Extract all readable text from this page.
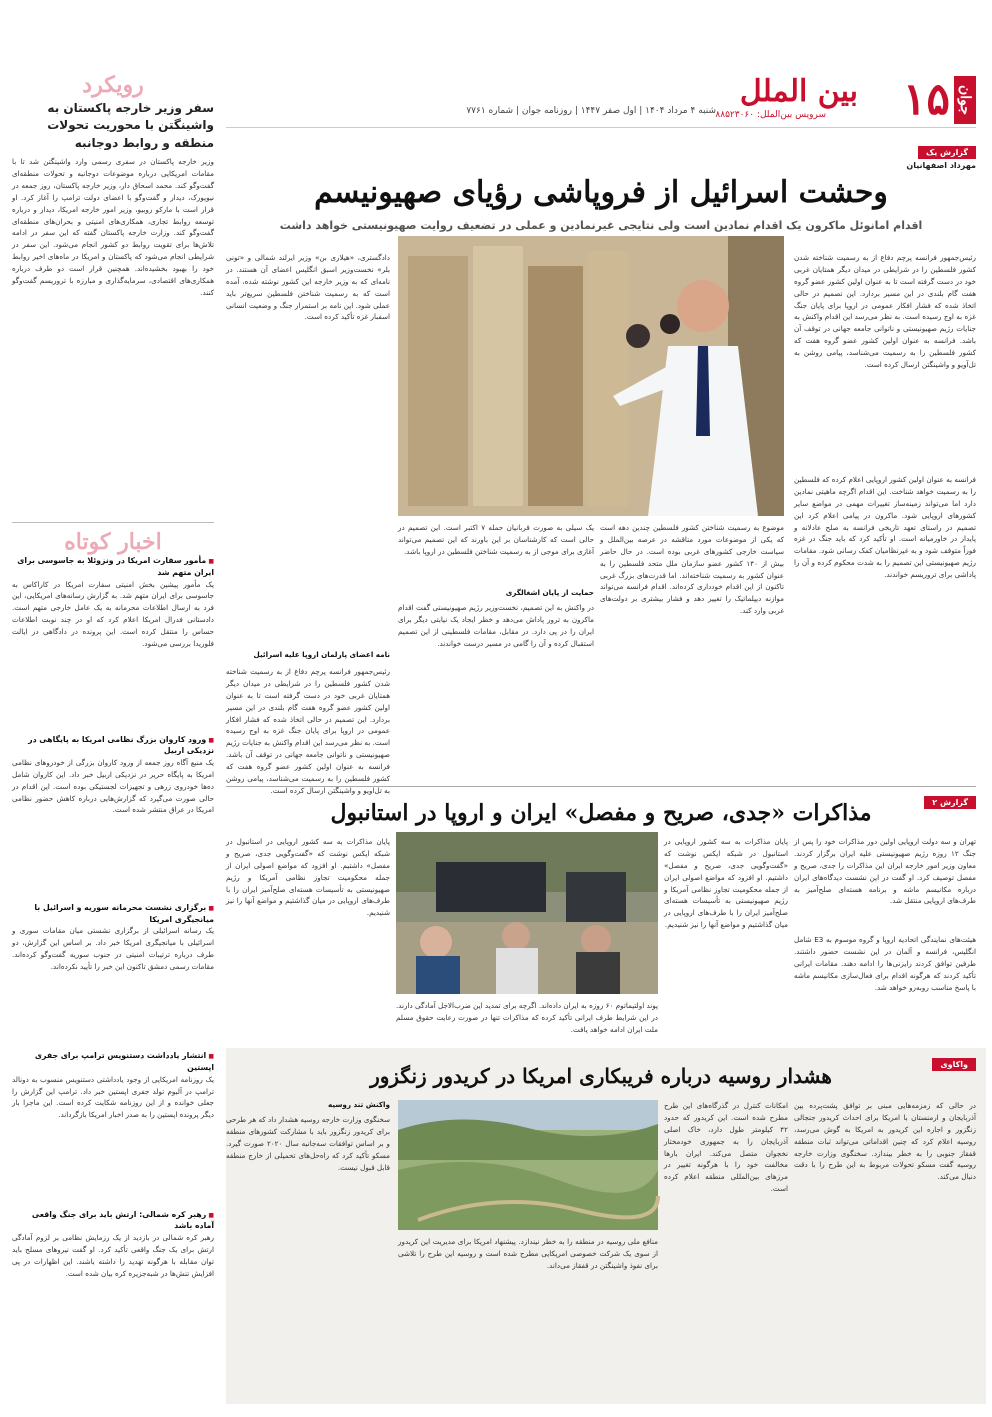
جوان
۱۵
بین الملل
سرویس بین‌الملل: ۸۸۵۲۳۰۶۰
شنبه ۴ مرداد ۱۴۰۴ | اول صفر ۱۴۴۷ | روزنامه جوان | شماره ۷۷۶۱
رویکرد
سفر وزیر خارجه پاکستان به واشینگتن با محوریت تحولات منطقه و روابط دوجانبه
وزیر خارجه پاکستان در سفری رسمی وارد واشینگتن شد تا با مقامات امریکایی درباره موضوعات دوجانبه و تحولات منطقه‌ای گفت‌وگو کند. محمد اسحاق دار، وزیر خارجه پاکستان، روز جمعه در نیویورک، دیدار و گفت‌وگو با اعضای دولت ترامپ را آغاز کرد. او قرار است با مارکو روبیو، وزیر امور خارجه امریکا، دیدار و درباره توسعه روابط تجاری، همکاری‌های امنیتی و بحران‌های منطقه‌ای گفت‌وگو کند. وزارت خارجه پاکستان گفته که این سفر در ادامه تلاش‌ها برای تقویت روابط دو کشور انجام می‌شود. این سفر در شرایطی انجام می‌شود که پاکستان و امریکا در ماه‌های اخیر روابط خود را بهبود بخشیده‌اند. همچنین قرار است دو طرف درباره همکاری‌های اقتصادی، سرمایه‌گذاری و مبارزه با تروریسم گفت‌وگو کنند.
اخبار کوتاه
■ مأمور سفارت امریکا در ونزوئلا به جاسوسی برای ایران متهم شد
یک مأمور پیشین بخش امنیتی سفارت امریکا در کاراکاس به جاسوسی برای ایران متهم شد. به گزارش رسانه‌های امریکایی، این فرد به ارسال اطلاعات محرمانه به یک عامل خارجی متهم است. دادستانی فدرال امریکا اعلام کرد که او در چند نوبت اطلاعات حساس را منتقل کرده است. این پرونده در دادگاهی در ایالت فلوریدا بررسی می‌شود.
■ ورود کاروان بزرگ نظامی امریکا به پایگاهی در نزدیکی اربیل
یک منبع آگاه روز جمعه از ورود کاروان بزرگی از خودروهای نظامی امریکا به پایگاه حریر در نزدیکی اربیل خبر داد. این کاروان شامل ده‌ها خودروی زرهی و تجهیزات لجستیکی بوده است. این اقدام در حالی صورت می‌گیرد که گزارش‌هایی درباره کاهش حضور نظامی امریکا در عراق منتشر شده است.
■ برگزاری نشست محرمانه سوریه و اسرائیل با میانجیگری امریکا
یک رسانه اسرائیلی از برگزاری نشستی میان مقامات سوری و اسرائیلی با میانجیگری امریکا خبر داد. بر اساس این گزارش، دو طرف درباره ترتیبات امنیتی در جنوب سوریه گفت‌وگو کرده‌اند. مقامات رسمی دمشق تاکنون این خبر را تأیید نکرده‌اند.
■ انتشار یادداشت دستنویس ترامپ برای جفری اپستین
یک روزنامه امریکایی از وجود یادداشتی دستنویس منسوب به دونالد ترامپ در آلبوم تولد جفری اپستین خبر داد. ترامپ این گزارش را جعلی خوانده و از این روزنامه شکایت کرده است. این ماجرا بار دیگر پرونده اپستین را به صدر اخبار امریکا بازگرداند.
■ رهبر کره شمالی: ارتش باید برای جنگ واقعی آماده باشد
رهبر کره شمالی در بازدید از یک رزمایش نظامی بر لزوم آمادگی ارتش برای یک جنگ واقعی تأکید کرد. او گفت نیروهای مسلح باید توان مقابله با هرگونه تهدید را داشته باشند. این اظهارات در پی افزایش تنش‌ها در شبه‌جزیره کره بیان شده است.
گزارش یک
مهرداد اصفهانیان
وحشت اسرائیل از فروپاشی رؤیای صهیونیسم
اقدام امانوئل ماکرون یک اقدام نمادین است ولی نتایجی غیرنمادین و عملی در تضعیف روایت صهیونیستی خواهد داشت
رئیس‌جمهور فرانسه پرچم دفاع از به رسمیت شناخته شدن کشور فلسطین را در شرایطی در میدان دیگر همتایان غربی خود در دست گرفته است تا به عنوان اولین کشور عضو گروه هفت گام بلندی در این مسیر بردارد. این تصمیم در حالی اتخاذ شده که فشار افکار عمومی در اروپا برای پایان جنگ غزه به اوج رسیده است. به نظر می‌رسد این اقدام واکنش به جنایات رژیم صهیونیستی و ناتوانی جامعه جهانی در توقف آن باشد. فرانسه به عنوان اولین کشور عضو گروه هفت که کشور فلسطین را به رسمیت می‌شناسد، پیامی روشن به تل‌آویو و واشینگتن ارسال کرده است.
فرانسه به عنوان اولین کشور اروپایی اعلام کرده که فلسطین را به رسمیت خواهد شناخت. این اقدام اگرچه ماهیتی نمادین دارد اما می‌تواند زمینه‌ساز تغییرات مهمی در مواضع سایر کشورهای اروپایی شود. ماکرون در پیامی اعلام کرد این تصمیم در راستای تعهد تاریخی فرانسه به صلح عادلانه و پایدار در خاورمیانه است. او تأکید کرد که باید جنگ در غزه فوراً متوقف شود و به غیرنظامیان کمک رسانی شود. مقامات رژیم صهیونیستی این تصمیم را به شدت محکوم کرده و آن را پاداشی برای تروریسم خواندند.
موضوع به رسمیت شناختن کشور فلسطین چندین دهه است که یکی از موضوعات مورد مناقشه در عرصه بین‌الملل و سیاست خارجی کشورهای غربی بوده است. در حال حاضر بیش از ۱۴۰ کشور عضو سازمان ملل متحد فلسطین را به عنوان کشور به رسمیت شناخته‌اند. اما قدرت‌های بزرگ غربی تاکنون از این اقدام خودداری کرده‌اند. اقدام فرانسه می‌تواند موازنه دیپلماتیک را تغییر دهد و فشار بیشتری بر دولت‌های غربی وارد کند.
یک سیلی به صورت قربانیان حمله ۷ اکتبر است. این تصمیم در حالی است که کارشناسان بر این باورند که این تصمیم می‌تواند آغازی برای موجی از به رسمیت شناختن فلسطین در اروپا باشد.
حمایت از پایان اشغالگری
در واکنش به این تصمیم، نخست‌وزیر رژیم صهیونیستی گفت اقدام ماکرون به ترور پاداش می‌دهد و خطر ایجاد یک نیابتی دیگر برای ایران را در پی دارد. در مقابل، مقامات فلسطینی از این تصمیم استقبال کرده و آن را گامی در مسیر درست خواندند.
دادگستری، «هیلاری بن» وزیر ایرلند شمالی و «تونی بلر» نخست‌وزیر اسبق انگلیس اعضای آن هستند. در نامه‌ای که به وزیر خارجه این کشور نوشته شده، آمده است که به رسمیت شناختن فلسطین سریع‌تر باید عملی شود. این نامه بر استمرار جنگ و وضعیت انسانی اسفبار غزه تأکید کرده است.
نامه اعضای پارلمان اروپا علیه اسرائیل
رئیس‌جمهور فرانسه پرچم دفاع از به رسمیت شناخته شدن کشور فلسطین را در شرایطی در میدان دیگر همتایان غربی خود در دست گرفته است تا به عنوان اولین کشور عضو گروه هفت گام بلندی در این مسیر بردارد. این تصمیم در حالی اتخاذ شده که فشار افکار عمومی در اروپا برای پایان جنگ غزه به اوج رسیده است. به نظر می‌رسد این اقدام واکنش به جنایات رژیم صهیونیستی و ناتوانی جامعه جهانی در توقف آن باشد. فرانسه به عنوان اولین کشور عضو گروه هفت که کشور فلسطین را به رسمیت می‌شناسد، پیامی روشن به تل‌آویو و واشینگتن ارسال کرده است.
گزارش ۲
مذاکرات «جدی، صریح و مفصل» ایران و اروپا در استانبول
تهران و سه دولت اروپایی اولین دور مذاکرات خود را پس از جنگ ۱۲ روزه رژیم صهیونیستی علیه ایران برگزار کردند. معاون وزیر امور خارجه ایران این مذاکرات را جدی، صریح و مفصل توصیف کرد. او گفت در این نشست دیدگاه‌های ایران درباره مکانیسم ماشه و برنامه هسته‌ای صلح‌آمیز به طرف‌های اروپایی منتقل شد.
هیئت‌های نمایندگی اتحادیه اروپا و گروه موسوم به E3 شامل انگلیس، فرانسه و آلمان در این نشست حضور داشتند. طرفین توافق کردند رایزنی‌ها را ادامه دهند. مقامات ایرانی تأکید کردند که هرگونه اقدام برای فعال‌سازی مکانیسم ماشه با پاسخ مناسب روبه‌رو خواهد شد.
پایان مذاکرات به سه کشور اروپایی در استانبول در شبکه ایکس نوشت که «گفت‌وگویی جدی، صریح و مفصل» داشتیم. او افزود که مواضع اصولی ایران از جمله محکومیت تجاوز نظامی آمریکا و رژیم صهیونیستی به تأسیسات هسته‌ای صلح‌آمیز ایران را با طرف‌های اروپایی در میان گذاشتیم و مواضع آنها را نیز شنیدیم.
پوند اولتیماتوم ۶۰ روزه به ایران داده‌اند. اگرچه برای تمدید این ضرب‌الاجل آمادگی دارند. در این شرایط طرف ایرانی تأکید کرده که مذاکرات تنها در صورت رعایت حقوق مسلم ملت ایران ادامه خواهد یافت.
پایان مذاکرات به سه کشور اروپایی در استانبول در شبکه ایکس نوشت که «گفت‌وگویی جدی، صریح و مفصل» داشتیم. او افزود که مواضع اصولی ایران از جمله محکومیت تجاوز نظامی آمریکا و رژیم صهیونیستی به تأسیسات هسته‌ای صلح‌آمیز ایران را با طرف‌های اروپایی در میان گذاشتیم و مواضع آنها را نیز شنیدیم.
واکاوی
هشدار روسیه درباره فریبکاری امریکا در کریدور زنگزور
در حالی که زمزمه‌هایی مبنی بر توافق پشت‌پرده بین آذربایجان و ارمنستان با امریکا برای احداث کریدور جنجالی زنگزور و اجاره این کریدور به امریکا به گوش می‌رسد، روسیه اعلام کرد که چنین اقداماتی می‌تواند ثبات منطقه قفقاز جنوبی را به خطر بیندازد. سخنگوی وزارت خارجه روسیه گفت مسکو تحولات مربوط به این طرح را با دقت دنبال می‌کند.
امکانات کنترل در گذرگاه‌های این طرح مطرح شده است. این کریدور که حدود ۴۲ کیلومتر طول دارد، خاک اصلی آذربایجان را به جمهوری خودمختار نخجوان متصل می‌کند. ایران بارها مخالفت خود را با هرگونه تغییر در مرزهای بین‌المللی منطقه اعلام کرده است.
منافع ملی روسیه در منطقه را به خطر نیندازد. پیشنهاد امریکا برای مدیریت این کریدور از سوی یک شرکت خصوصی امریکایی مطرح شده است و روسیه این طرح را تلاشی برای نفوذ واشینگتن در قفقاز می‌داند.
واکنش تند روسیه
سخنگوی وزارت خارجه روسیه هشدار داد که هر طرحی برای کریدور زنگزور باید با مشارکت کشورهای منطقه و بر اساس توافقات سه‌جانبه سال ۲۰۲۰ صورت گیرد. مسکو تأکید کرد که راه‌حل‌های تحمیلی از خارج منطقه قابل قبول نیست.
